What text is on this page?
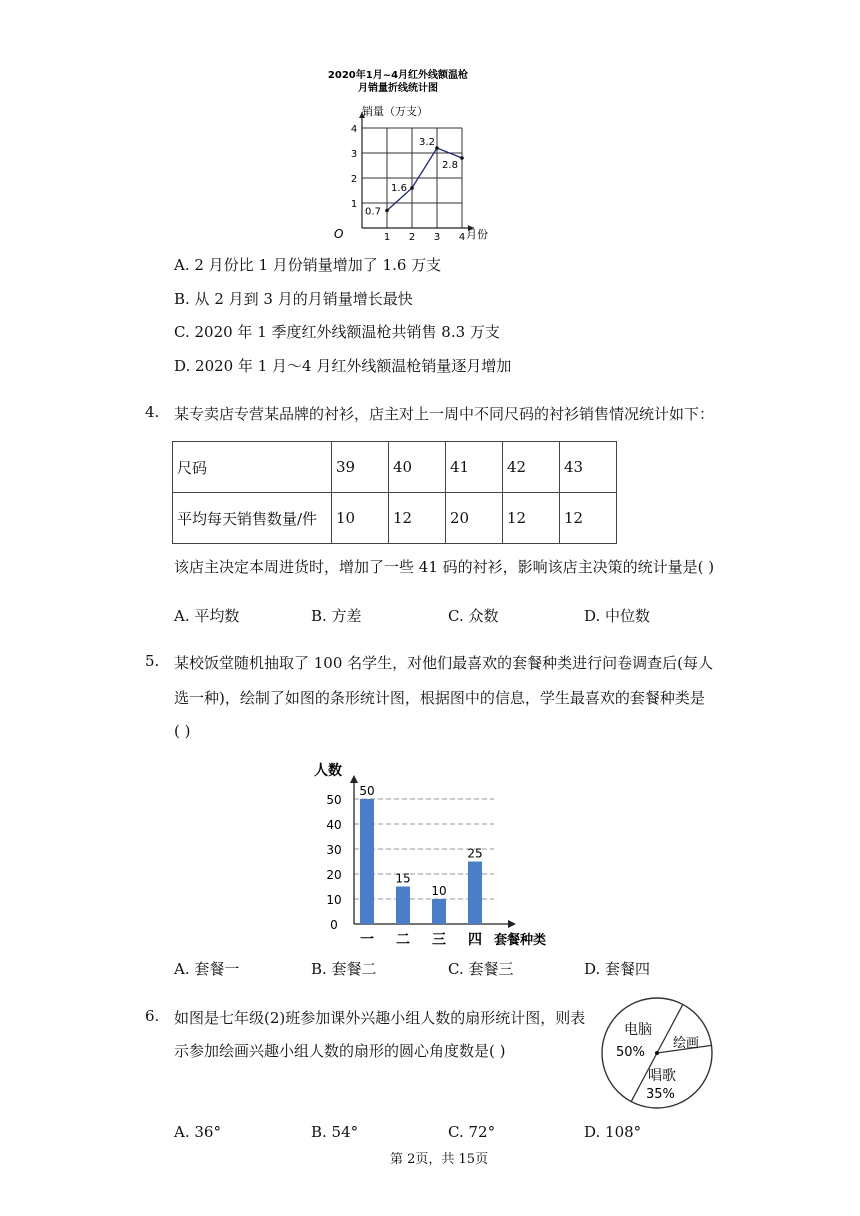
2020年1月~4月红外线额温枪
月销量折线统计图
销量（万支）
O	月份
1 2 3 4
1
2
3
4
0.7
1.6
3.2
2.8
A. 2 月份比 1 月份销量增加了 1.6 万支
B. 从 2 月到 3 月的月销量增长最快
C. 2020 年 1 季度红外线额温枪共销售 8.3 万支
D. 2020 年 1 月～4 月红外线额温枪销量逐月增加
4. 某专卖店专营某品牌的衬衫，店主对上一周中不同尺码的衬衫销售情况统计如下：
尺码	39	40	41	42	43
平均每天销售数量/件	10	12	20	12	12
该店主决定本周进货时，增加了一些 41 码的衬衫，影响该店主决策的统计量是( )
A. 平均数	B. 方差	C. 众数	D. 中位数
5. 某校饭堂随机抽取了 100 名学生，对他们最喜欢的套餐种类进行问卷调查后(每人
选一种)，绘制了如图的条形统计图，根据图中的信息，学生最喜欢的套餐种类是
( )
人数
套餐种类
0
10
20
30
40
50
50
一
15
二
10
三
25
四
A. 套餐一	B. 套餐二	C. 套餐三	D. 套餐四
6. 如图是七年级(2)班参加课外兴趣小组人数的扇形统计图，则表
示参加绘画兴趣小组人数的扇形的圆心角度数是( )
电脑
50%
绘画
唱歌
35%
A. 36°	B. 54°	C. 72°	D. 108°
第 2页，共 15页
